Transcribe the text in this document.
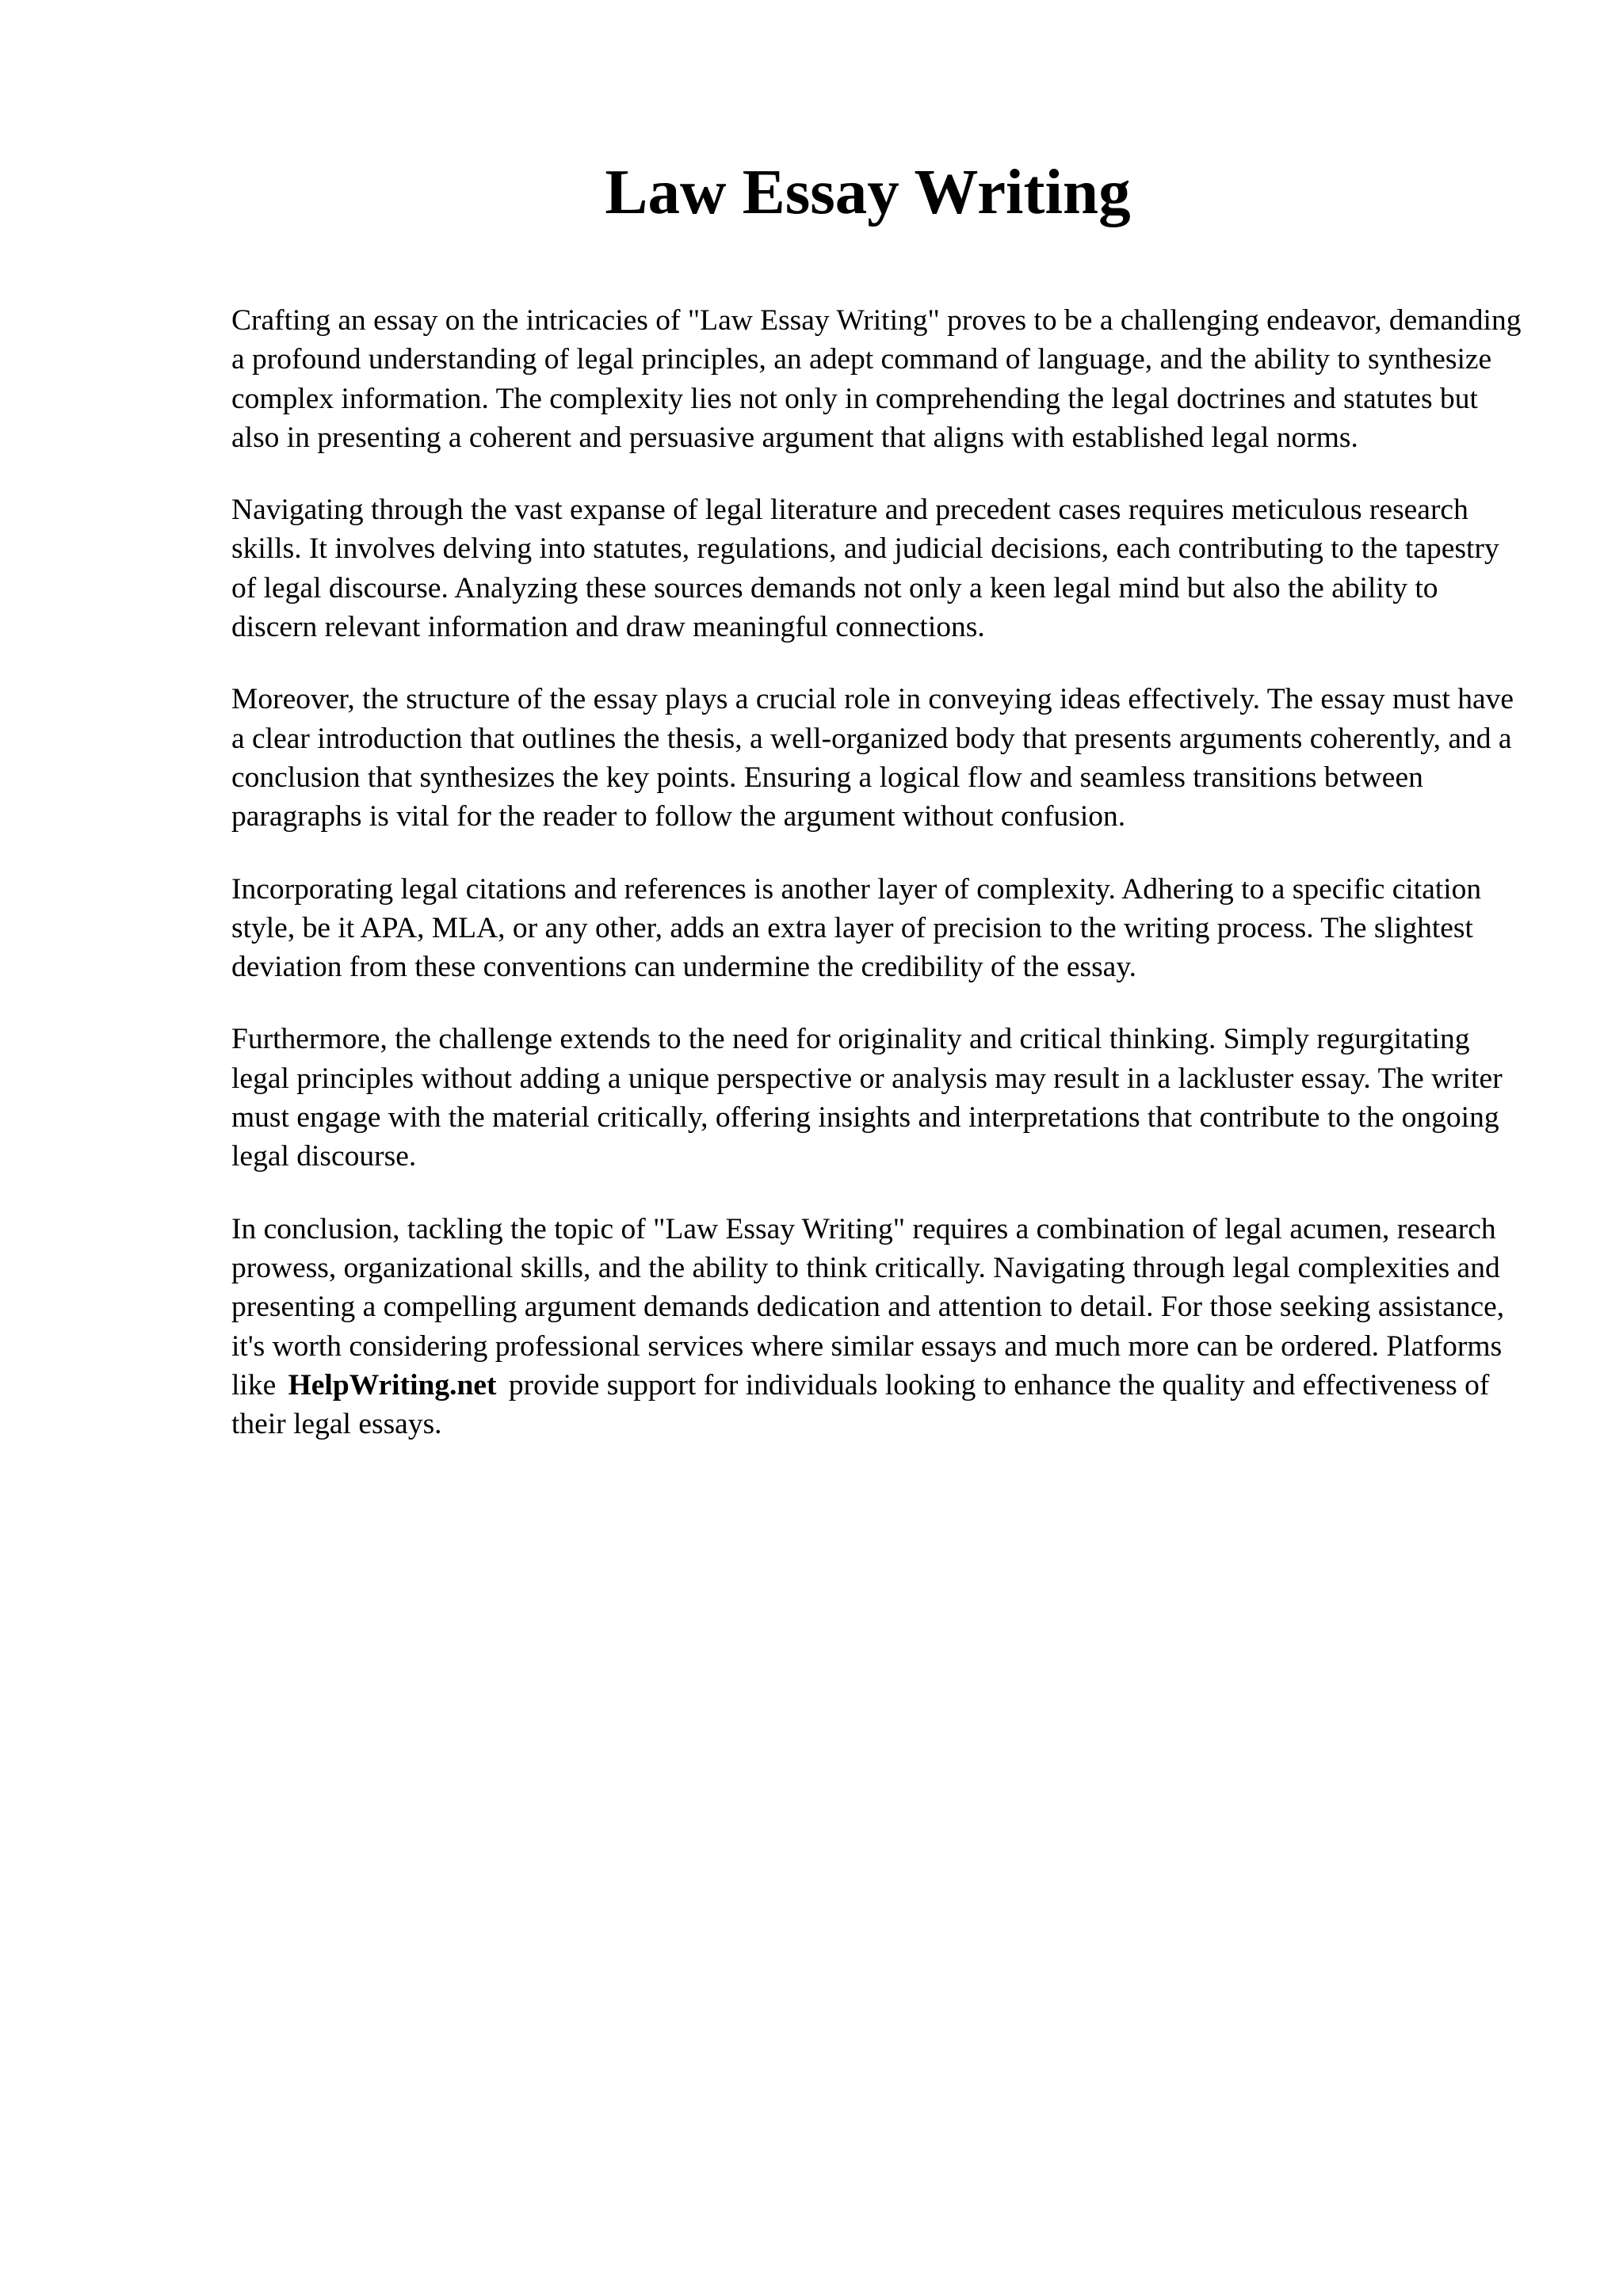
Law Essay Writing

Crafting an essay on the intricacies of "Law Essay Writing" proves to be a challenging endeavor, demanding a profound understanding of legal principles, an adept command of language, and the ability to synthesize complex information. The complexity lies not only in comprehending the legal doctrines and statutes but also in presenting a coherent and persuasive argument that aligns with established legal norms.

Navigating through the vast expanse of legal literature and precedent cases requires meticulous research skills. It involves delving into statutes, regulations, and judicial decisions, each contributing to the tapestry of legal discourse. Analyzing these sources demands not only a keen legal mind but also the ability to discern relevant information and draw meaningful connections.

Moreover, the structure of the essay plays a crucial role in conveying ideas effectively. The essay must have a clear introduction that outlines the thesis, a well-organized body that presents arguments coherently, and a conclusion that synthesizes the key points. Ensuring a logical flow and seamless transitions between paragraphs is vital for the reader to follow the argument without confusion.

Incorporating legal citations and references is another layer of complexity. Adhering to a specific citation style, be it APA, MLA, or any other, adds an extra layer of precision to the writing process. The slightest deviation from these conventions can undermine the credibility of the essay.

Furthermore, the challenge extends to the need for originality and critical thinking. Simply regurgitating legal principles without adding a unique perspective or analysis may result in a lackluster essay. The writer must engage with the material critically, offering insights and interpretations that contribute to the ongoing legal discourse.

In conclusion, tackling the topic of "Law Essay Writing" requires a combination of legal acumen, research prowess, organizational skills, and the ability to think critically. Navigating through legal complexities and presenting a compelling argument demands dedication and attention to detail. For those seeking assistance, it's worth considering professional services where similar essays and much more can be ordered. Platforms like HelpWriting.net provide support for individuals looking to enhance the quality and effectiveness of their legal essays.
